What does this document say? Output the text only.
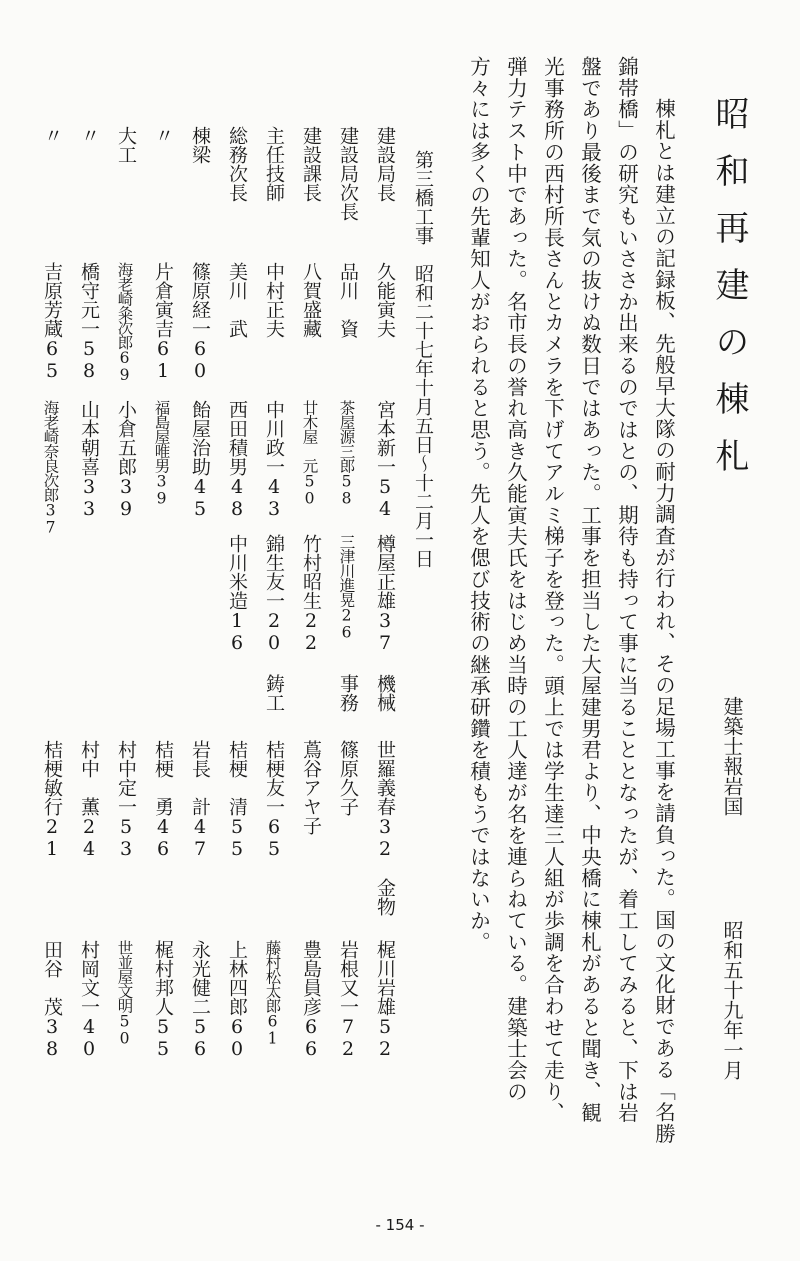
昭和再建の棟札
建築士報岩国
昭和五十九年一月
棟札とは建立の記録板、先般早大隊の耐力調査が行われ、その足場工事を請負った。国の文化財である「名勝
錦帯橋」の研究もいささか出来るのではとの、期待も持って事に当ることとなったが、着工してみると、下は岩
盤であり最後まで気の抜けぬ数日ではあった。工事を担当した大屋建男君より、中央橋に棟札があると聞き、観
光事務所の西村所長さんとカメラを下げてアルミ梯子を登った。頭上では学生達三人組が歩調を合わせて走り、
弾力テスト中であった。名市長の誉れ高き久能寅夫氏をはじめ当時の工人達が名を連らねている。建築士会の
方々には多くの先輩知人がおられると思う。先人を偲び技術の継承研鑽を積もうではないか。
第三橋工事　昭和二十七年十月五日〜十二月一日
建設局長
久能寅夫
宮本新一54
樽屋正雄37
機械
世羅義春32
金物
梶川岩雄52
建設局次長
品川　資
茶屋源三郎58
三津川進晃26
事務
篠原久子
岩根又一72
建設課長
八賀盛藏
廿木屋　元50
竹村昭生22
蔦谷アヤ子
豊島員彦66
主任技師
中村正夫
中川政一43
錦生友一20
鋳工
桔梗友一65
藤村松太郎61
総務次長
美川　武
西田積男48
中川米造16
桔梗　清55
上林四郎60
棟梁
篠原経一60
飴屋治助45
岩長　計47
永光健二56
〃
片倉寅吉61
福島屋唯男39
桔梗　勇46
梶村邦人55
大工
海老崎粂次郎69
小倉五郎39
村中定一53
世並屋文明50
〃
橋守元一58
山本朝喜33
村中　薫24
村岡文一40
〃
吉原芳蔵65
海老崎奈良次郎37
桔梗敏行21
田谷　茂38
- 154 -
